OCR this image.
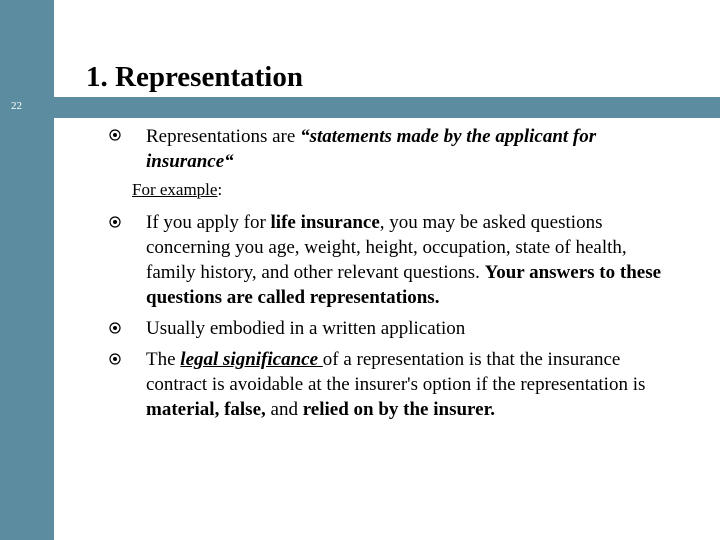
22
1. Representation
Representations are “statements made by the applicant for insurance“
For example:
If you apply for life insurance, you may be asked questions concerning you age, weight, height, occupation, state of health, family history, and other relevant questions. Your answers to these questions are called representations.
Usually embodied in a written application
The legal significance of a representation is that the insurance contract is avoidable at the insurer's option if the representation is material, false, and relied on by the insurer.
